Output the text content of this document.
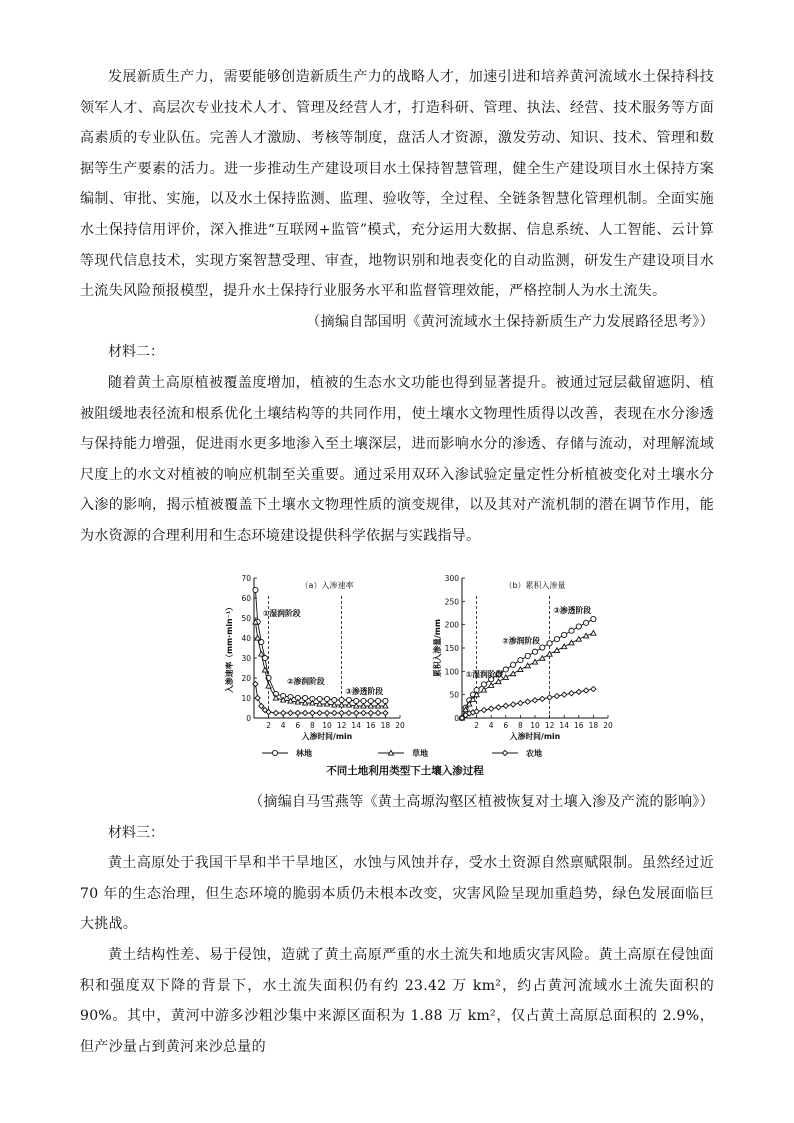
发展新质生产力，需要能够创造新质生产力的战略人才，加速引进和培养黄河流域水土保持科技领军人才、高层次专业技术人才、管理及经营人才，打造科研、管理、执法、经营、技术服务等方面高素质的专业队伍。完善人才激励、考核等制度，盘活人才资源，激发劳动、知识、技术、管理和数据等生产要素的活力。进一步推动生产建设项目水土保持智慧管理，健全生产建设项目水土保持方案编制、审批、实施，以及水土保持监测、监理、验收等，全过程、全链条智慧化管理机制。全面实施水土保持信用评价，深入推进“互联网+监管”模式，充分运用大数据、信息系统、人工智能、云计算等现代信息技术，实现方案智慧受理、审查，地物识别和地表变化的自动监测，研发生产建设项目水土流失风险预报模型，提升水土保持行业服务水平和监督管理效能，严格控制人为水土流失。

（摘编自郜国明《黄河流域水土保持新质生产力发展路径思考》）

材料二：

随着黄土高原植被覆盖度增加，植被的生态水文功能也得到显著提升。被通过冠层截留遮阴、植被阻缓地表径流和根系优化土壤结构等的共同作用，使土壤水文物理性质得以改善，表现在水分渗透与保持能力增强，促进雨水更多地渗入至土壤深层，进而影响水分的渗透、存储与流动，对理解流域尺度上的水文对植被的响应机制至关重要。通过采用双环入渗试验定量定性分析植被变化对土壤水分入渗的影响，揭示植被覆盖下土壤水文物理性质的演变规律，以及其对产流机制的潜在调节作用，能为水资源的合理利用和生态环境建设提供科学依据与实践指导。

0
10
20
30
40
50
60
70
2 4 6 8 10 12 14 16 18 20
入渗时间/min
入渗速率（mm·min⁻¹）
（a）入渗速率
①湿润阶段
②渗润阶段
③渗透阶段
0
50
100
150
200
250
300
2 4 6 8 10 12 14 16 18 20
入渗时间/min
累积入渗量/mm
（b）累积入渗量
①湿润阶段
②渗润阶段
③渗透阶段
林地	草地	农地
不同土地利用类型下土壤入渗过程

（摘编自马雪燕等《黄土高塬沟壑区植被恢复对土壤入渗及产流的影响》）

材料三：

黄土高原处于我国干旱和半干旱地区，水蚀与风蚀并存，受水土资源自然禀赋限制。虽然经过近 70 年的生态治理，但生态环境的脆弱本质仍未根本改变，灾害风险呈现加重趋势，绿色发展面临巨大挑战。

黄土结构性差、易于侵蚀，造就了黄土高原严重的水土流失和地质灾害风险。黄土高原在侵蚀面积和强度双下降的背景下，水土流失面积仍有约 23.42 万 km²，约占黄河流域水土流失面积的 90%。其中，黄河中游多沙粗沙集中来源区面积为 1.88 万 km²，仅占黄土高原总面积的 2.9%，但产沙量占到黄河来沙总量的
